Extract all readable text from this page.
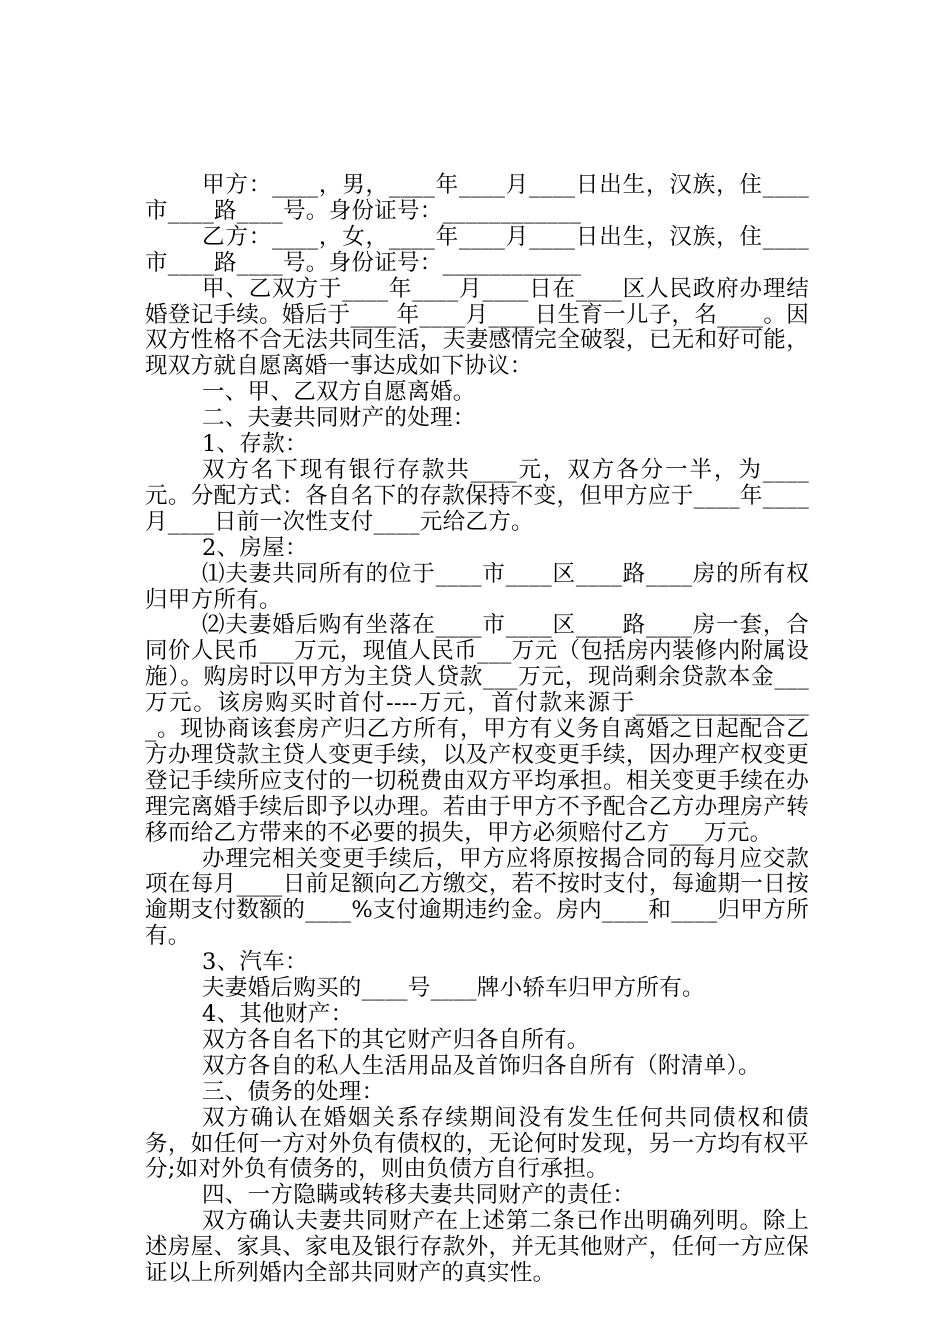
甲方：____，男，____年____月____日出生，汉族，住____市____路____号。身份证号：____________

乙方：____，女，____年____月____日出生，汉族，住____市____路____号。身份证号：____________

甲、乙双方于____年____月____日在____区人民政府办理结婚登记手续。婚后于____年____月____日生育一儿子，名____。因双方性格不合无法共同生活，夫妻感情完全破裂，已无和好可能，现双方就自愿离婚一事达成如下协议：

一、甲、乙双方自愿离婚。

二、夫妻共同财产的处理：

1、存款：

双方名下现有银行存款共____元，双方各分一半，为____元。分配方式：各自名下的存款保持不变，但甲方应于____年____月____日前一次性支付____元给乙方。

2、房屋：

⑴夫妻共同所有的位于____市____区____路____房的所有权归甲方所有。

⑵夫妻婚后购有坐落在____市____区____路____房一套，合同价人民币___万元，现值人民币___万元（包括房内装修内附属设施）。购房时以甲方为主贷人贷款___万元，现尚剩余贷款本金___万元。该房购买时首付----万元，首付款来源于________________。现协商该套房产归乙方所有，甲方有义务自离婚之日起配合乙方办理贷款主贷人变更手续，以及产权变更手续，因办理产权变更登记手续所应支付的一切税费由双方平均承担。相关变更手续在办理完离婚手续后即予以办理。若由于甲方不予配合乙方办理房产转移而给乙方带来的不必要的损失，甲方必须赔付乙方___万元。

办理完相关变更手续后，甲方应将原按揭合同的每月应交款项在每月____日前足额向乙方缴交，若不按时支付，每逾期一日按逾期支付数额的____%支付逾期违约金。房内____和____归甲方所有。

3、汽车：

夫妻婚后购买的____号____牌小轿车归甲方所有。

4、其他财产：

双方各自名下的其它财产归各自所有。

双方各自的私人生活用品及首饰归各自所有（附清单）。

三、债务的处理：

双方确认在婚姻关系存续期间没有发生任何共同债权和债务，如任何一方对外负有债权的，无论何时发现，另一方均有权平分;如对外负有债务的，则由负债方自行承担。

四、一方隐瞒或转移夫妻共同财产的责任：

双方确认夫妻共同财产在上述第二条已作出明确列明。除上述房屋、家具、家电及银行存款外，并无其他财产，任何一方应保证以上所列婚内全部共同财产的真实性。
